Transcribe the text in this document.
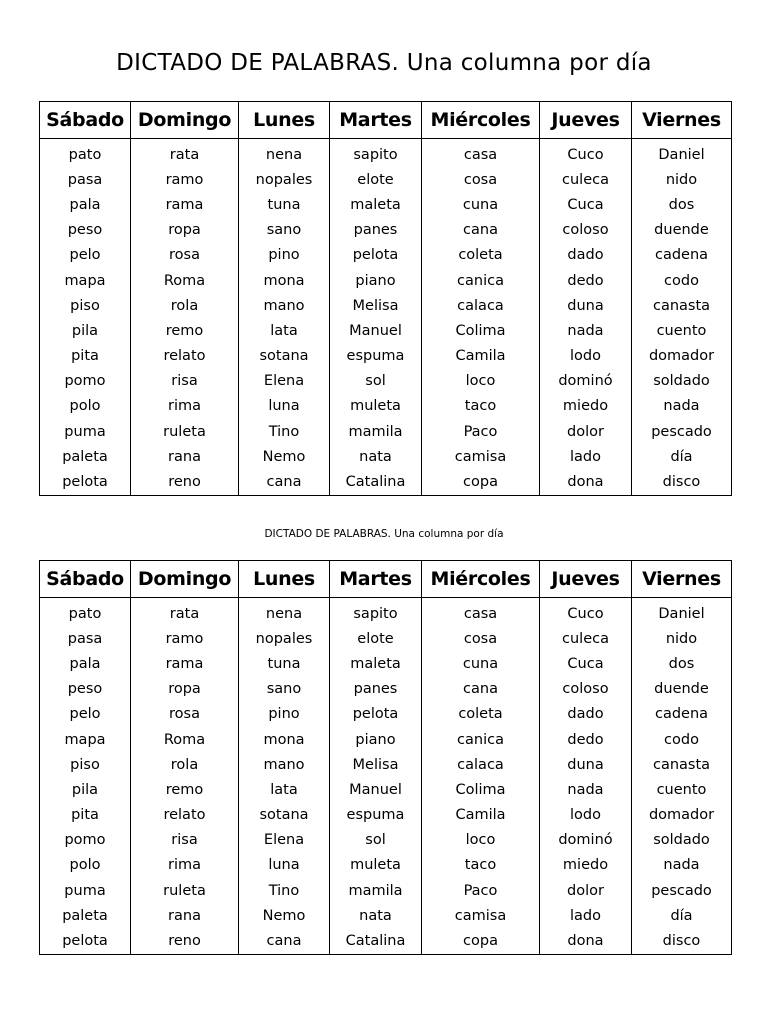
DICTADO DE PALABRAS. Una columna por día
Sábado	Domingo	Lunes	Martes	Miércoles	Jueves	Viernes
pato	rata	nena	sapito	casa	Cuco	Daniel
pasa	ramo	nopales	elote	cosa	culeca	nido
pala	rama	tuna	maleta	cuna	Cuca	dos
peso	ropa	sano	panes	cana	coloso	duende
pelo	rosa	pino	pelota	coleta	dado	cadena
mapa	Roma	mona	piano	canica	dedo	codo
piso	rola	mano	Melisa	calaca	duna	canasta
pila	remo	lata	Manuel	Colima	nada	cuento
pita	relato	sotana	espuma	Camila	lodo	domador
pomo	risa	Elena	sol	loco	dominó	soldado
polo	rima	luna	muleta	taco	miedo	nada
puma	ruleta	Tino	mamila	Paco	dolor	pescado
paleta	rana	Nemo	nata	camisa	lado	día
pelota	reno	cana	Catalina	copa	dona	disco
DICTADO DE PALABRAS. Una columna por día
Sábado	Domingo	Lunes	Martes	Miércoles	Jueves	Viernes
pato	rata	nena	sapito	casa	Cuco	Daniel
pasa	ramo	nopales	elote	cosa	culeca	nido
pala	rama	tuna	maleta	cuna	Cuca	dos
peso	ropa	sano	panes	cana	coloso	duende
pelo	rosa	pino	pelota	coleta	dado	cadena
mapa	Roma	mona	piano	canica	dedo	codo
piso	rola	mano	Melisa	calaca	duna	canasta
pila	remo	lata	Manuel	Colima	nada	cuento
pita	relato	sotana	espuma	Camila	lodo	domador
pomo	risa	Elena	sol	loco	dominó	soldado
polo	rima	luna	muleta	taco	miedo	nada
puma	ruleta	Tino	mamila	Paco	dolor	pescado
paleta	rana	Nemo	nata	camisa	lado	día
pelota	reno	cana	Catalina	copa	dona	disco
